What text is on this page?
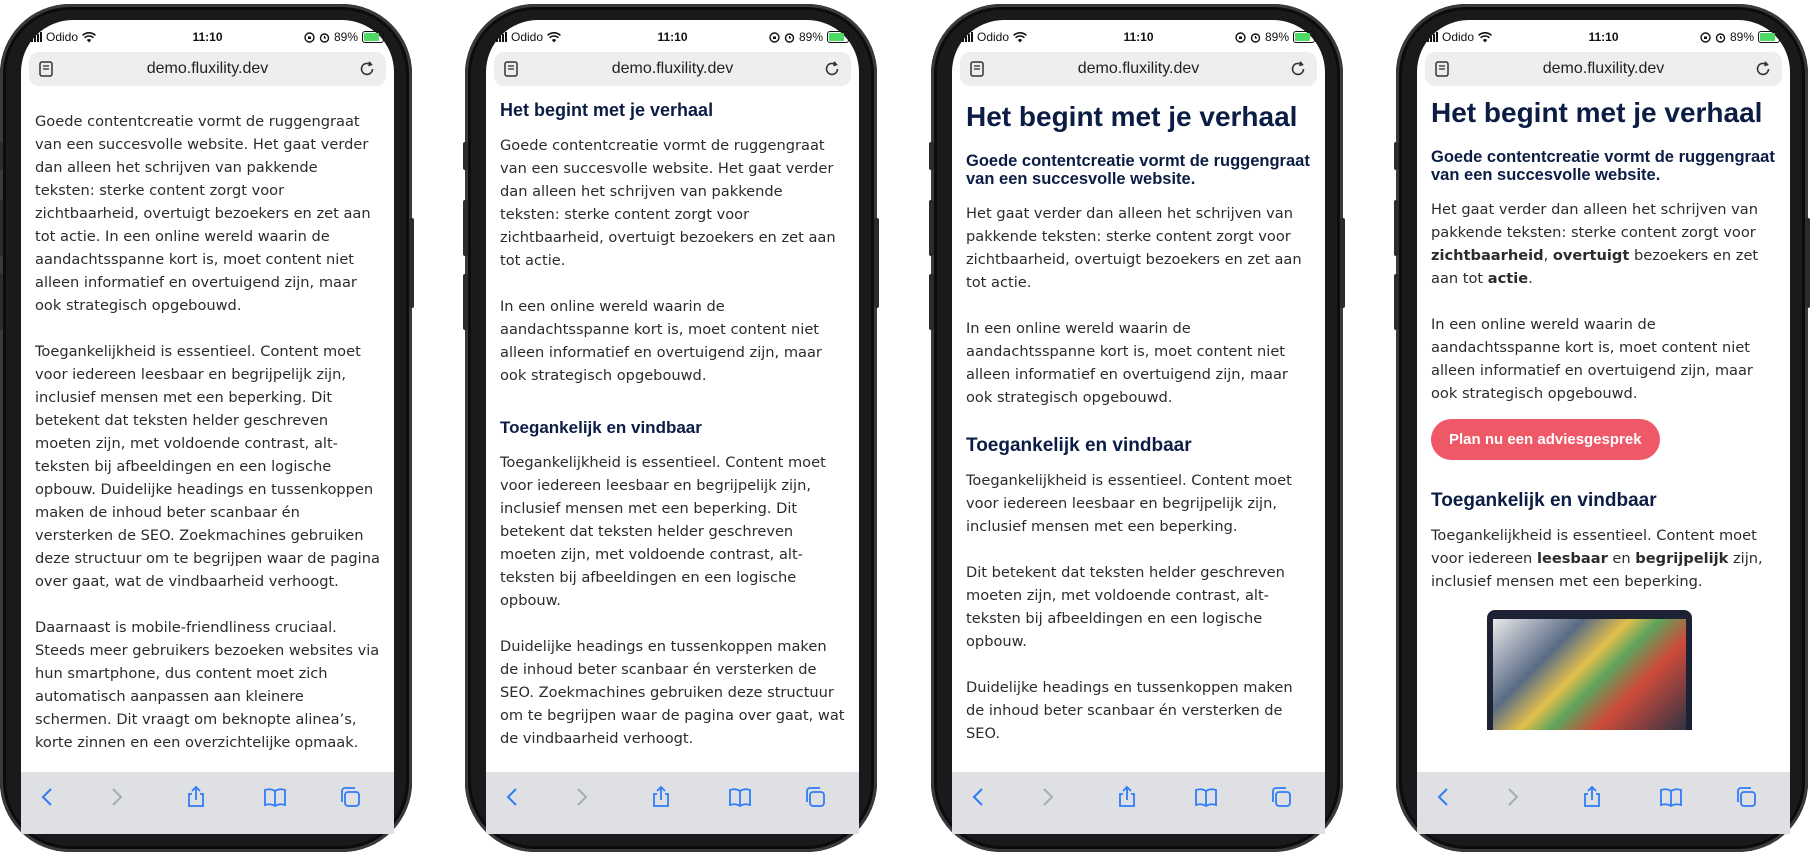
Odido	11:10	89%
demo.fluxility.dev

Goede contentcreatie vormt de ruggengraat van een succesvolle website. Het gaat verder dan alleen het schrijven van pakkende teksten: sterke content zorgt voor zichtbaarheid, overtuigt bezoekers en zet aan tot actie. In een online wereld waarin de aandachtsspanne kort is, moet content niet alleen informatief en overtuigend zijn, maar ook strategisch opgebouwd.

Toegankelijkheid is essentieel. Content moet voor iedereen leesbaar en begrijpelijk zijn, inclusief mensen met een beperking. Dit betekent dat teksten helder geschreven moeten zijn, met voldoende contrast, alt-teksten bij afbeeldingen en een logische opbouw. Duidelijke headings en tussenkoppen maken de inhoud beter scanbaar én versterken de SEO. Zoekmachines gebruiken deze structuur om te begrijpen waar de pagina over gaat, wat de vindbaarheid verhoogt.

Daarnaast is mobile-friendliness cruciaal. Steeds meer gebruikers bezoeken websites via hun smartphone, dus content moet zich automatisch aanpassen aan kleinere schermen. Dit vraagt om beknopte alinea’s, korte zinnen en een overzichtelijke opmaak.

Odido	11:10	89%
demo.fluxility.dev
Het begint met je verhaal

Goede contentcreatie vormt de ruggengraat van een succesvolle website. Het gaat verder dan alleen het schrijven van pakkende teksten: sterke content zorgt voor zichtbaarheid, overtuigt bezoekers en zet aan tot actie.

In een online wereld waarin de aandachtsspanne kort is, moet content niet alleen informatief en overtuigend zijn, maar ook strategisch opgebouwd.

Toegankelijk en vindbaar

Toegankelijkheid is essentieel. Content moet voor iedereen leesbaar en begrijpelijk zijn, inclusief mensen met een beperking. Dit betekent dat teksten helder geschreven moeten zijn, met voldoende contrast, alt-teksten bij afbeeldingen en een logische opbouw.

Duidelijke headings en tussenkoppen maken de inhoud beter scanbaar én versterken de SEO. Zoekmachines gebruiken deze structuur om te begrijpen waar de pagina over gaat, wat de vindbaarheid verhoogt.

Odido	11:10	89%
demo.fluxility.dev
Het begint met je verhaal
Goede contentcreatie vormt de ruggengraat van een succesvolle website.

Het gaat verder dan alleen het schrijven van pakkende teksten: sterke content zorgt voor zichtbaarheid, overtuigt bezoekers en zet aan tot actie.

In een online wereld waarin de aandachtsspanne kort is, moet content niet alleen informatief en overtuigend zijn, maar ook strategisch opgebouwd.

Toegankelijk en vindbaar

Toegankelijkheid is essentieel. Content moet voor iedereen leesbaar en begrijpelijk zijn, inclusief mensen met een beperking.

Dit betekent dat teksten helder geschreven moeten zijn, met voldoende contrast, alt-teksten bij afbeeldingen en een logische opbouw.

Duidelijke headings en tussenkoppen maken de inhoud beter scanbaar én versterken de SEO.

Odido	11:10	89%
demo.fluxility.dev
Het begint met je verhaal
Goede contentcreatie vormt de ruggengraat van een succesvolle website.

Het gaat verder dan alleen het schrijven van pakkende teksten: sterke content zorgt voor zichtbaarheid, overtuigt bezoekers en zet aan tot actie.

In een online wereld waarin de aandachtsspanne kort is, moet content niet alleen informatief en overtuigend zijn, maar ook strategisch opgebouwd.

Plan nu een adviesgesprek
Toegankelijk en vindbaar

Toegankelijkheid is essentieel. Content moet voor iedereen leesbaar en begrijpelijk zijn, inclusief mensen met een beperking.
